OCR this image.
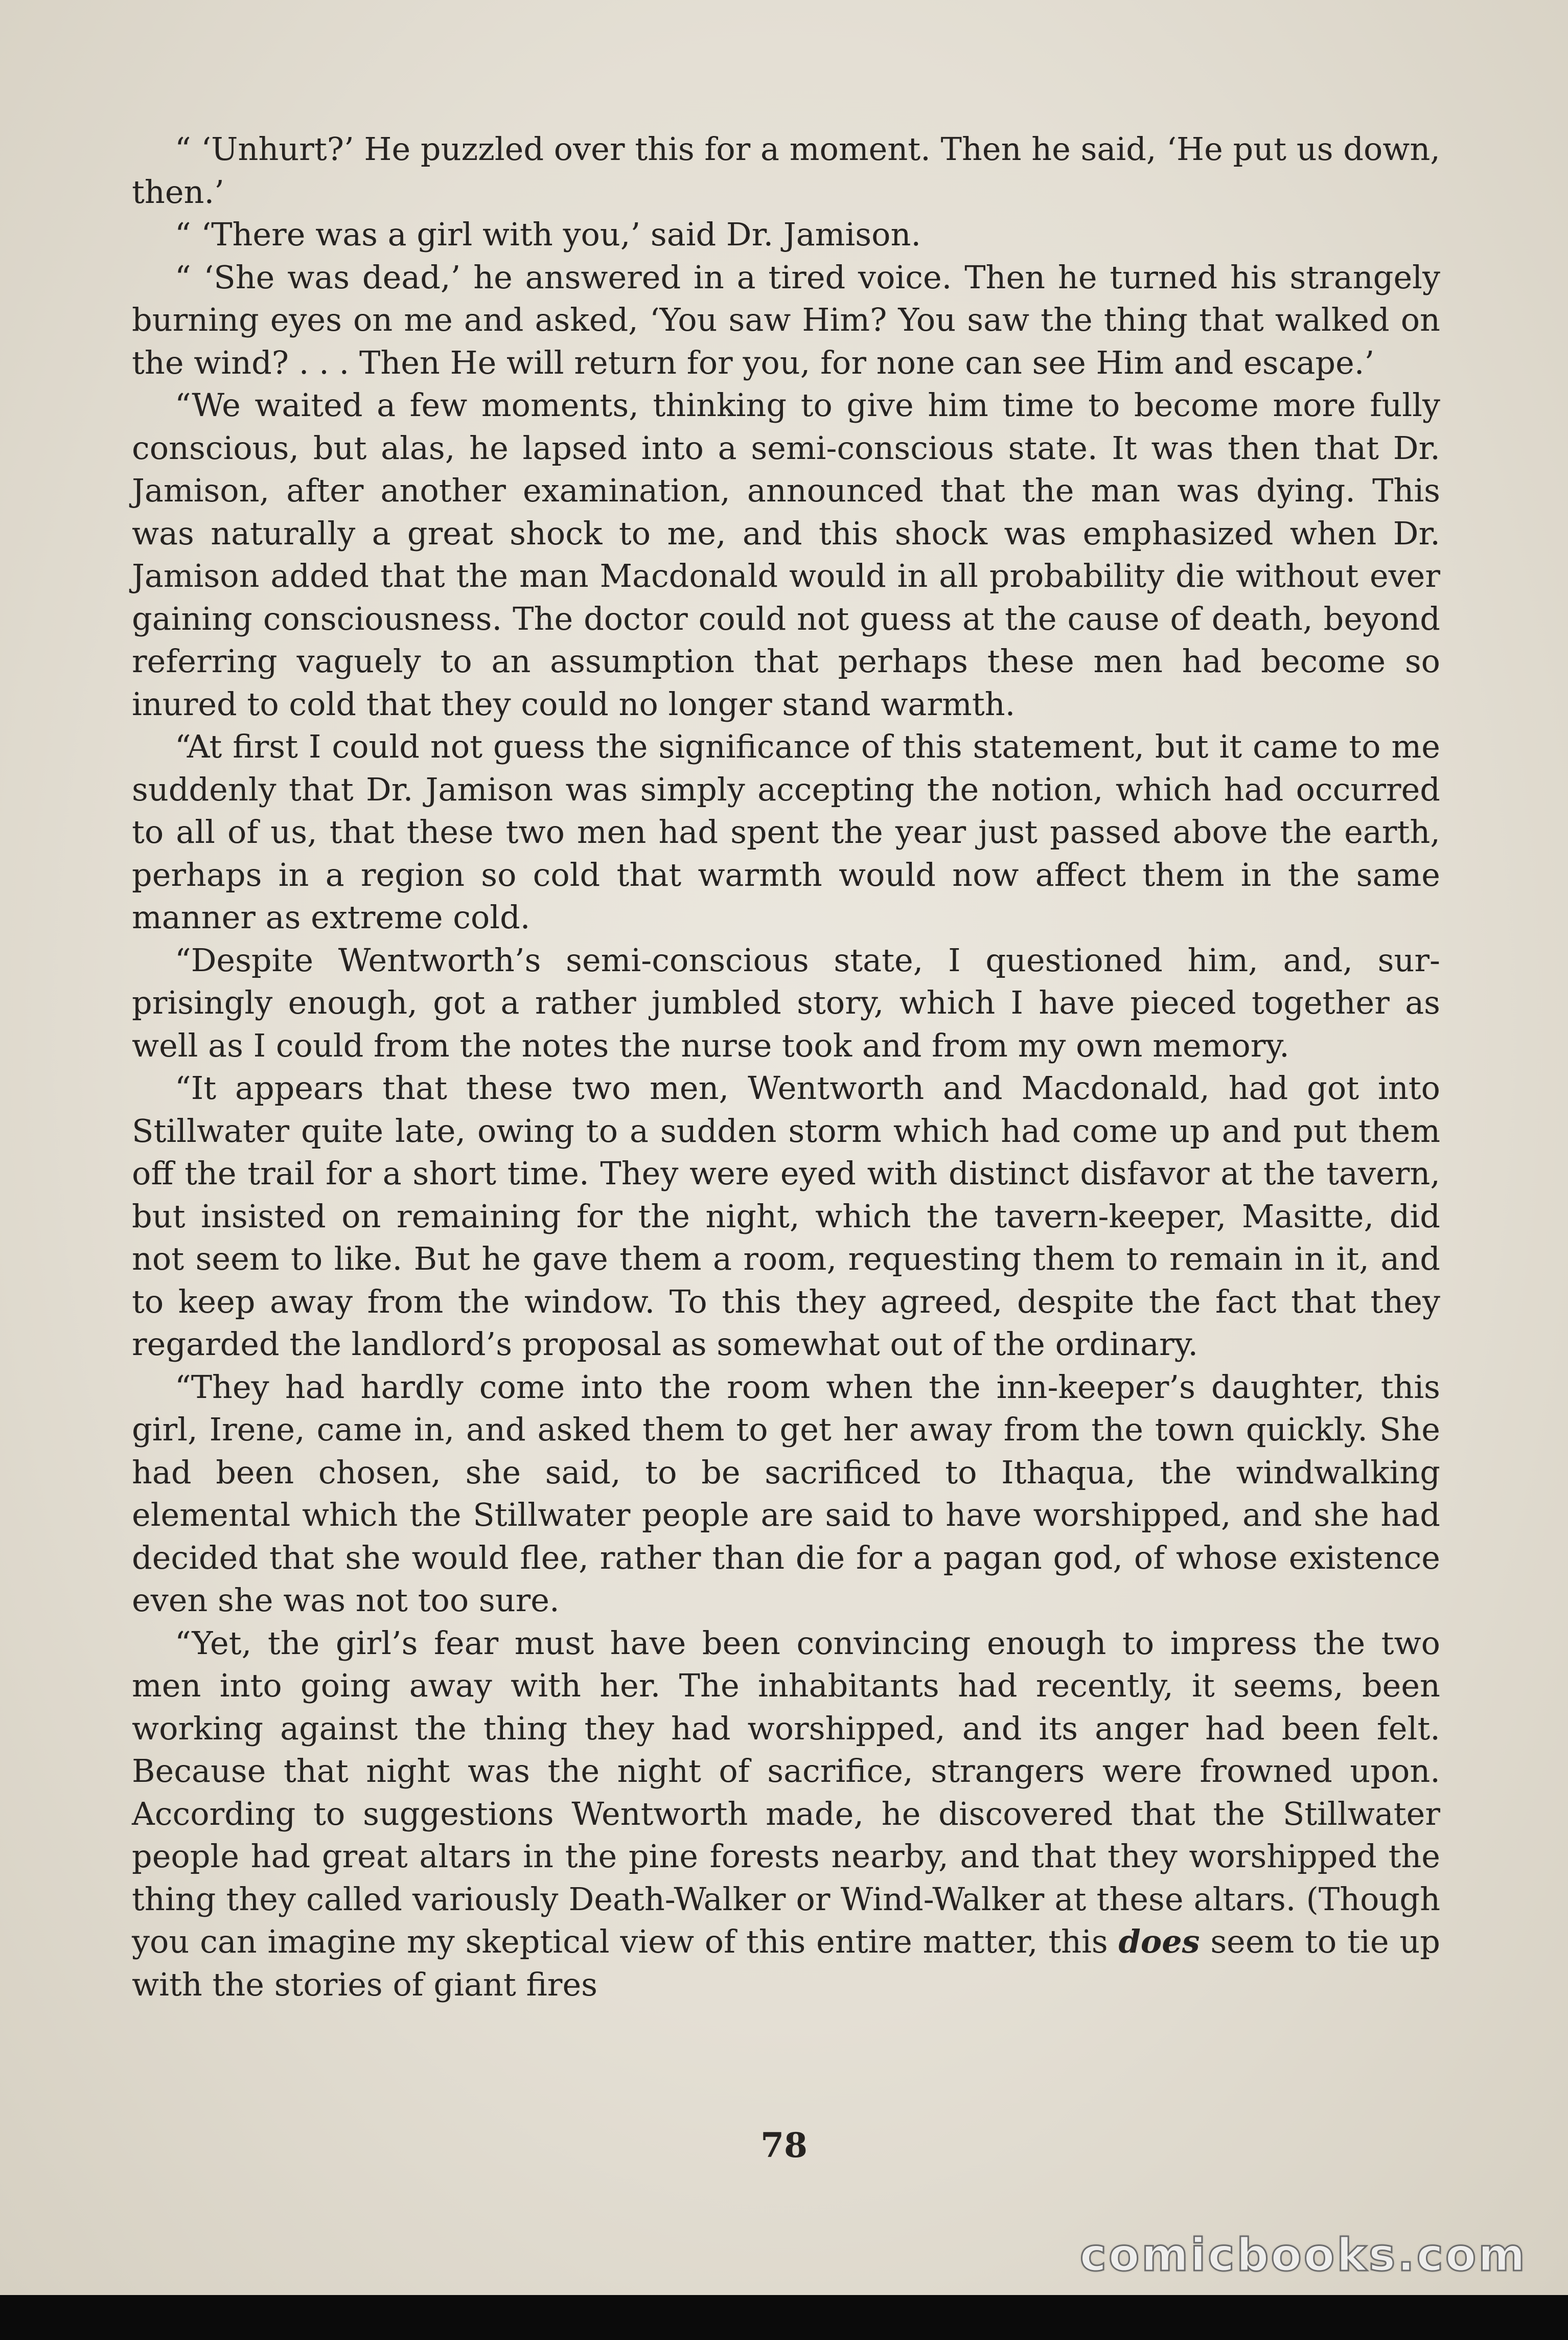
“ ‘Unhurt?’ He puzzled over this for a moment. Then he said, ‘He put us down, then.’

“ ‘There was a girl with you,’ said Dr. Jamison.

“ ‘She was dead,’ he answered in a tired voice. Then he turned his strangely burning eyes on me and asked, ‘You saw Him? You saw the thing that walked on the wind? . . . Then He will return for you, for none can see Him and escape.’

“We waited a few moments, thinking to give him time to become more fully conscious, but alas, he lapsed into a semi-conscious state. It was then that Dr. Jamison, after another examination, announced that the man was dying. This was naturally a great shock to me, and this shock was emphasized when Dr. Jamison added that the man Macdonald would in all probability die without ever gaining consciousness. The doctor could not guess at the cause of death, beyond referring vaguely to an assumption that perhaps these men had become so inured to cold that they could no longer stand warmth.

“At first I could not guess the significance of this statement, but it came to me suddenly that Dr. Jamison was simply accepting the notion, which had occurred to all of us, that these two men had spent the year just passed above the earth, perhaps in a region so cold that warmth would now affect them in the same manner as extreme cold.

“Despite Wentworth’s semi-conscious state, I questioned him, and, surprisingly enough, got a rather jumbled story, which I have pieced together as well as I could from the notes the nurse took and from my own memory.

“It appears that these two men, Wentworth and Macdonald, had got into Stillwater quite late, owing to a sudden storm which had come up and put them off the trail for a short time. They were eyed with distinct disfavor at the tavern, but insisted on remaining for the night, which the tavern-keeper, Masitte, did not seem to like. But he gave them a room, requesting them to remain in it, and to keep away from the window. To this they agreed, despite the fact that they regarded the landlord’s proposal as somewhat out of the ordinary.

“They had hardly come into the room when the inn-keeper’s daughter, this girl, Irene, came in, and asked them to get her away from the town quickly. She had been chosen, she said, to be sacrificed to Ithaqua, the windwalking elemental which the Stillwater people are said to have worshipped, and she had decided that she would flee, rather than die for a pagan god, of whose existence even she was not too sure.

“Yet, the girl’s fear must have been convincing enough to impress the two men into going away with her. The inhabitants had recently, it seems, been working against the thing they had worshipped, and its anger had been felt. Because that night was the night of sacrifice, strangers were frowned upon. According to suggestions Wentworth made, he discovered that the Stillwater people had great altars in the pine forests nearby, and that they worshipped the thing they called variously Death-Walker or Wind-Walker at these altars. (Though you can imagine my skeptical view of this entire matter, this does seem to tie up with the stories of giant fires

78
comicbooks.com
